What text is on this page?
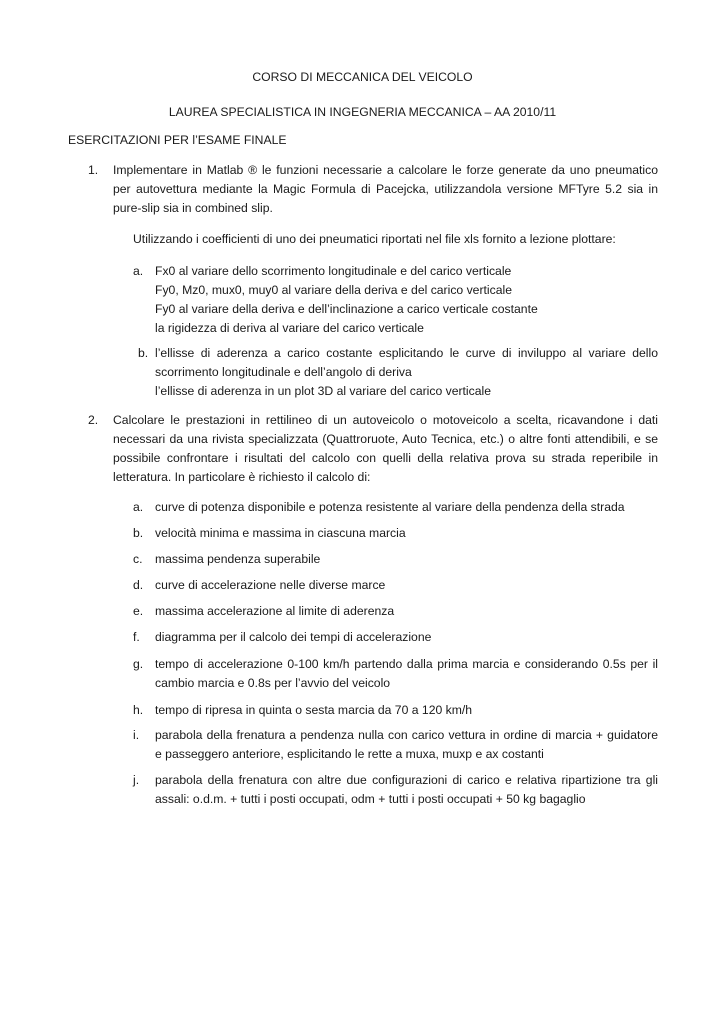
CORSO DI MECCANICA DEL VEICOLO
LAUREA SPECIALISTICA IN INGEGNERIA MECCANICA – AA 2010/11
ESERCITAZIONI PER l’ESAME FINALE
1. Implementare in Matlab ® le funzioni necessarie a calcolare le forze generate da uno pneumatico
per autovettura mediante la Magic Formula di Pacejcka, utilizzandola versione MFTyre 5.2 sia in
pure-slip sia in combined slip.
Utilizzando i coefficienti di uno dei pneumatici riportati nel file xls fornito a lezione plottare:
a. Fx0 al variare dello scorrimento longitudinale e del carico verticale
Fy0, Mz0, mux0, muy0 al variare della deriva e del carico verticale
Fy0 al variare della deriva e dell’inclinazione a carico verticale costante
la rigidezza di deriva al variare del carico verticale
b. l’ellisse di aderenza a carico costante esplicitando le curve di inviluppo al variare dello
scorrimento longitudinale e dell’angolo di deriva
l’ellisse di aderenza in un plot 3D al variare del carico verticale
2. Calcolare le prestazioni in rettilineo di un autoveicolo o motoveicolo a scelta, ricavandone i dati
necessari da una rivista specializzata (Quattroruote, Auto Tecnica, etc.) o altre fonti attendibili, e se
possibile confrontare i risultati del calcolo con quelli della relativa prova su strada reperibile in
letteratura. In particolare è richiesto il calcolo di:
a. curve di potenza disponibile e potenza resistente al variare della pendenza della strada
b. velocità minima e massima in ciascuna marcia
c.	massima pendenza superabile
d. curve di accelerazione nelle diverse marce
e. massima accelerazione al limite di aderenza
f.	diagramma per il calcolo dei tempi di accelerazione
g. tempo di accelerazione 0-100 km/h partendo dalla prima marcia e considerando 0.5s per il
cambio marcia e 0.8s per l’avvio del veicolo
h. tempo di ripresa in quinta o sesta marcia da 70 a 120 km/h
i.	parabola della frenatura a pendenza nulla con carico vettura in ordine di marcia + guidatore
e passeggero anteriore, esplicitando le rette a muxa, muxp e ax costanti
j.	parabola della frenatura con altre due configurazioni di carico e relativa ripartizione tra gli
assali: o.d.m. + tutti i posti occupati, odm + tutti i posti occupati + 50 kg bagaglio
